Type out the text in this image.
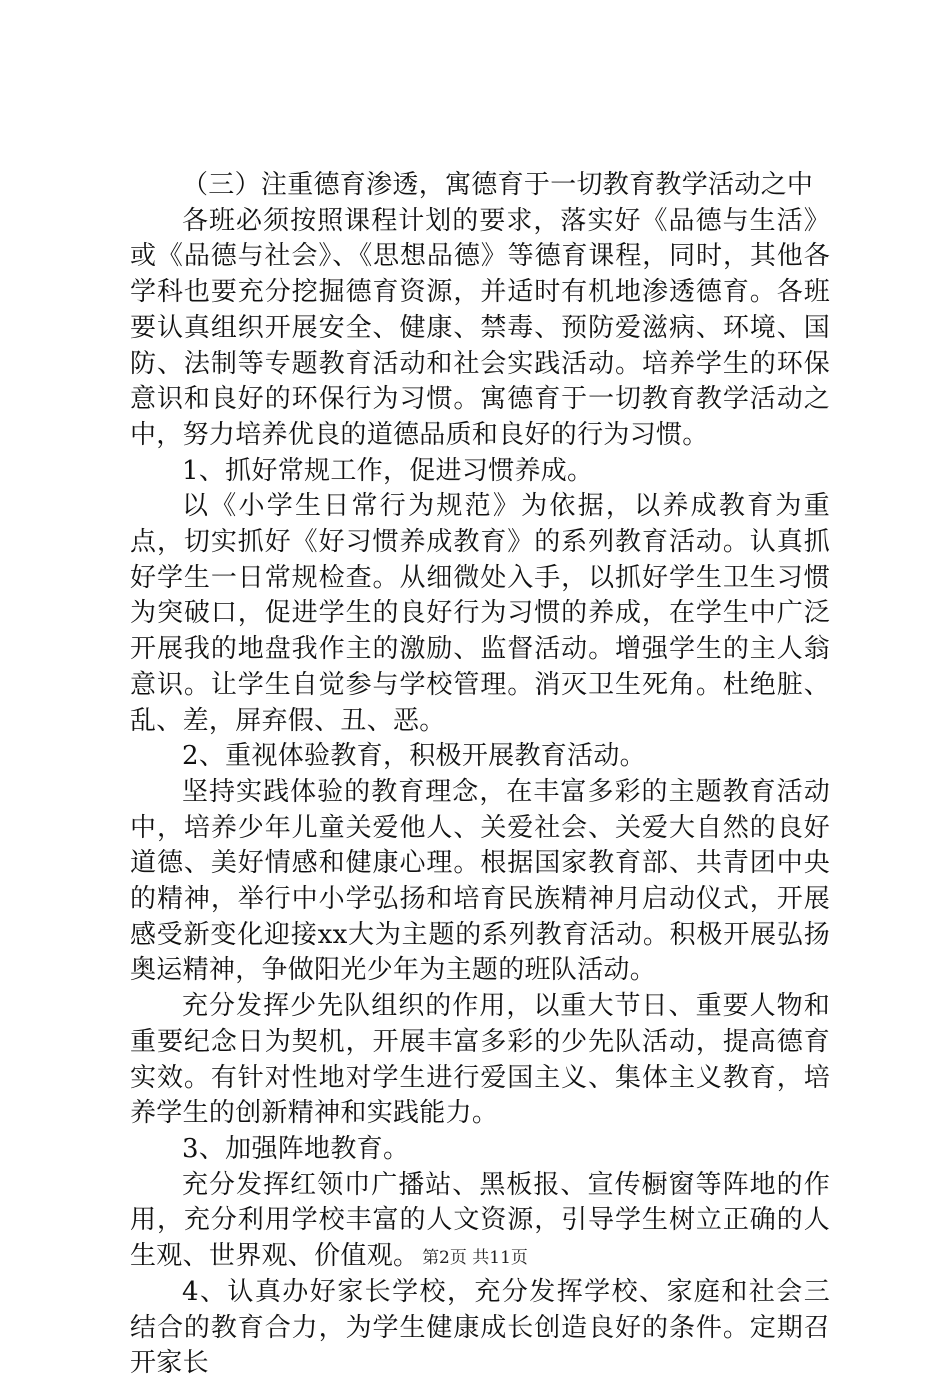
（三）注重德育渗透，寓德育于一切教育教学活动之中

各班必须按照课程计划的要求，落实好《品德与生活》或《品德与社会》、《思想品德》等德育课程，同时，其他各学科也要充分挖掘德育资源，并适时有机地渗透德育。各班要认真组织开展安全、健康、禁毒、预防爱滋病、环境、国防、法制等专题教育活动和社会实践活动。培养学生的环保意识和良好的环保行为习惯。寓德育于一切教育教学活动之中，努力培养优良的道德品质和良好的行为习惯。

1、抓好常规工作，促进习惯养成。

以《小学生日常行为规范》为依据，以养成教育为重点，切实抓好《好习惯养成教育》的系列教育活动。认真抓好学生一日常规检查。从细微处入手，以抓好学生卫生习惯为突破口，促进学生的良好行为习惯的养成，在学生中广泛开展我的地盘我作主的激励、监督活动。增强学生的主人翁意识。让学生自觉参与学校管理。消灭卫生死角。杜绝脏、乱、差，屏弃假、丑、恶。

2、重视体验教育，积极开展教育活动。

坚持实践体验的教育理念，在丰富多彩的主题教育活动中，培养少年儿童关爱他人、关爱社会、关爱大自然的良好道德、美好情感和健康心理。根据国家教育部、共青团中央的精神，举行中小学弘扬和培育民族精神月启动仪式，开展感受新变化迎接xx大为主题的系列教育活动。积极开展弘扬奥运精神，争做阳光少年为主题的班队活动。

充分发挥少先队组织的作用，以重大节日、重要人物和重要纪念日为契机，开展丰富多彩的少先队活动，提高德育实效。有针对性地对学生进行爱国主义、集体主义教育，培养学生的创新精神和实践能力。

3、加强阵地教育。

充分发挥红领巾广播站、黑板报、宣传橱窗等阵地的作用，充分利用学校丰富的人文资源，引导学生树立正确的人生观、世界观、价值观。

4、认真办好家长学校，充分发挥学校、家庭和社会三结合的教育合力，为学生健康成长创造良好的条件。定期召开家长

第2页 共11页
